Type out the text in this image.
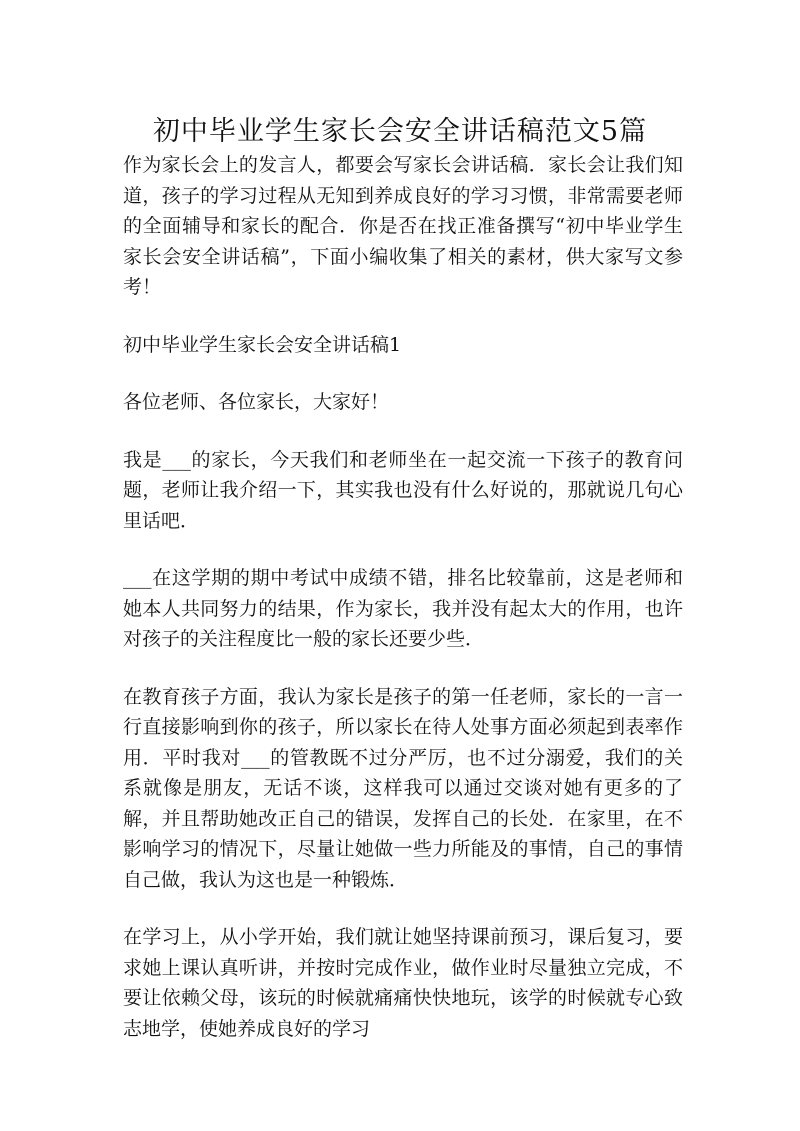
初中毕业学生家长会安全讲话稿范文5篇

作为家长会上的发言人，都要会写家长会讲话稿．家长会让我们知道，孩子的学习过程从无知到养成良好的学习习惯，非常需要老师的全面辅导和家长的配合．你是否在找正准备撰写“初中毕业学生家长会安全讲话稿”，下面小编收集了相关的素材，供大家写文参考！

初中毕业学生家长会安全讲话稿1

各位老师、各位家长，大家好！

我是___的家长，今天我们和老师坐在一起交流一下孩子的教育问题，老师让我介绍一下，其实我也没有什么好说的，那就说几句心里话吧．

___在这学期的期中考试中成绩不错，排名比较靠前，这是老师和她本人共同努力的结果，作为家长，我并没有起太大的作用，也许对孩子的关注程度比一般的家长还要少些．

在教育孩子方面，我认为家长是孩子的第一任老师，家长的一言一行直接影响到你的孩子，所以家长在待人处事方面必须起到表率作用．平时我对___的管教既不过分严厉，也不过分溺爱，我们的关系就像是朋友，无话不谈，这样我可以通过交谈对她有更多的了解，并且帮助她改正自己的错误，发挥自己的长处．在家里，在不影响学习的情况下，尽量让她做一些力所能及的事情，自己的事情自己做，我认为这也是一种锻炼．

在学习上，从小学开始，我们就让她坚持课前预习，课后复习，要求她上课认真听讲，并按时完成作业，做作业时尽量独立完成，不要让依赖父母，该玩的时候就痛痛快快地玩，该学的时候就专心致志地学，使她养成良好的学习
